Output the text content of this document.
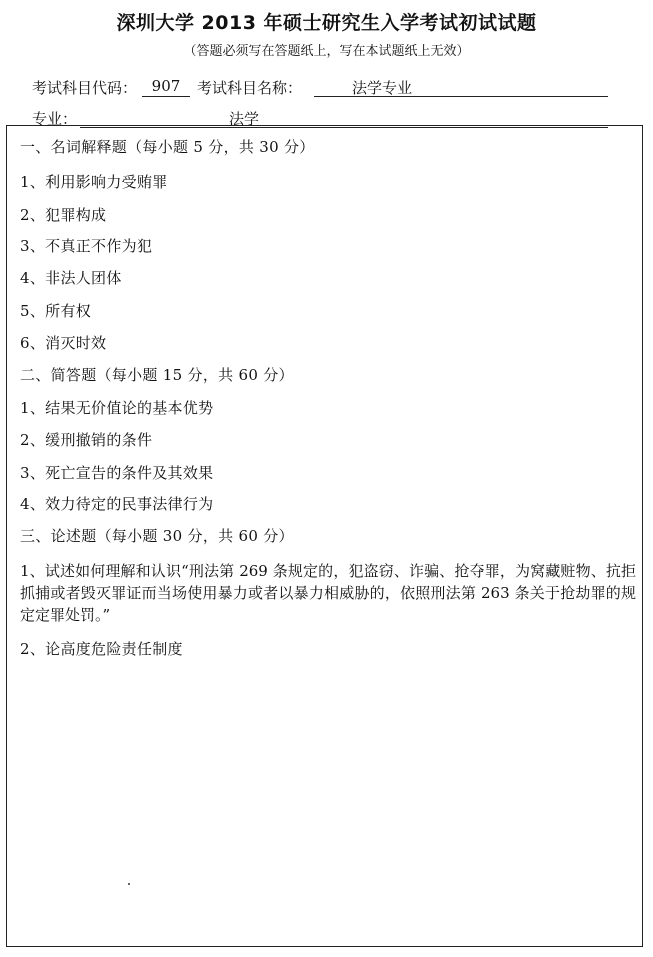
深圳大学 2013 年硕士研究生入学考试初试试题
（答题必须写在答题纸上，写在本试题纸上无效）
考试科目代码： 907	考试科目名称：	法学专业
专业：	法学
一、名词解释题（每小题 5 分，共 30 分）
1、利用影响力受贿罪
2、犯罪构成
3、不真正不作为犯
4、非法人团体
5、所有权
6、消灭时效
二、简答题（每小题 15 分，共 60 分）
1、结果无价值论的基本优势
2、缓刑撤销的条件
3、死亡宣告的条件及其效果
4、效力待定的民事法律行为
三、论述题（每小题 30 分，共 60 分）
1、试述如何理解和认识“刑法第 269 条规定的，犯盗窃、诈骗、抢夺罪，为窝藏赃物、抗拒抓捕或者毁灭罪证而当场使用暴力或者以暴力相威胁的，依照刑法第 263 条关于抢劫罪的规定定罪处罚。”
2、论高度危险责任制度
